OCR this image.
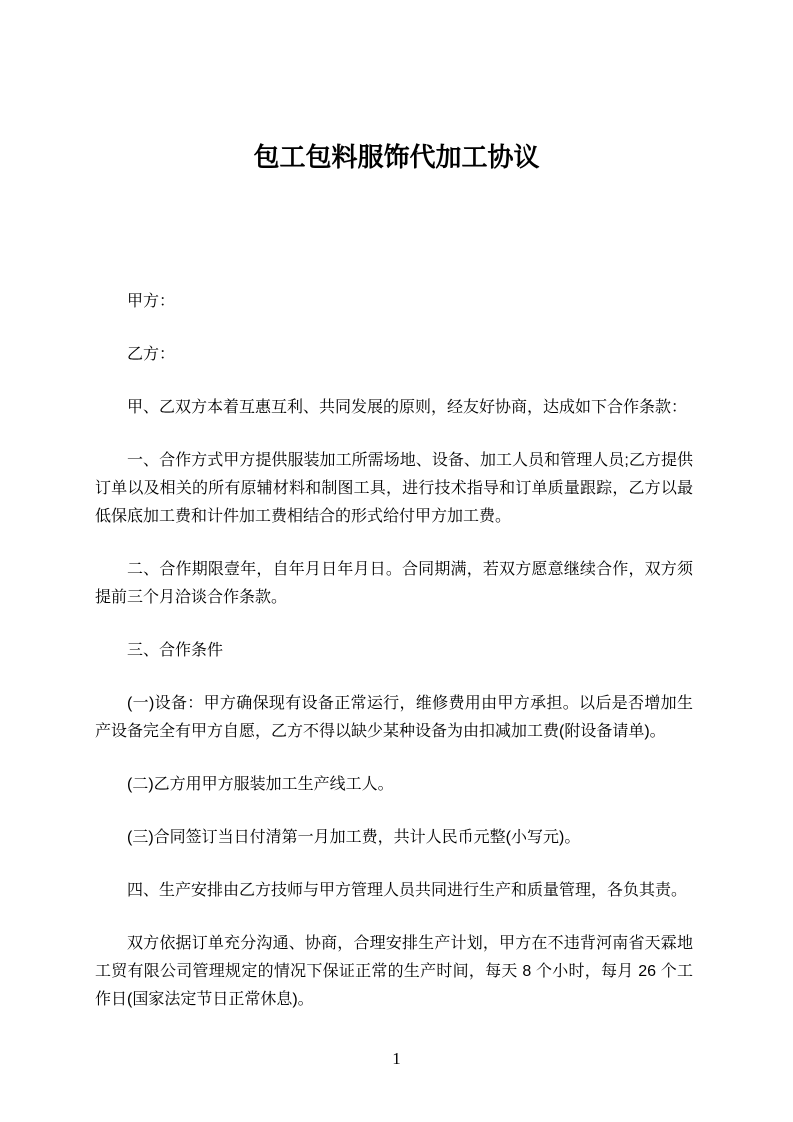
包工包料服饰代加工协议

甲方：

乙方：

甲、乙双方本着互惠互利、共同发展的原则，经友好协商，达成如下合作条款：

一、合作方式甲方提供服装加工所需场地、设备、加工人员和管理人员;乙方提供订单以及相关的所有原辅材料和制图工具，进行技术指导和订单质量跟踪，乙方以最低保底加工费和计件加工费相结合的形式给付甲方加工费。

二、合作期限壹年，自年月日年月日。合同期满，若双方愿意继续合作，双方须提前三个月洽谈合作条款。

三、合作条件

(一)设备：甲方确保现有设备正常运行，维修费用由甲方承担。以后是否增加生产设备完全有甲方自愿，乙方不得以缺少某种设备为由扣减加工费(附设备请单)。

(二)乙方用甲方服装加工生产线工人。

(三)合同签订当日付清第一月加工费，共计人民币元整(小写元)。

四、生产安排由乙方技师与甲方管理人员共同进行生产和质量管理，各负其责。

双方依据订单充分沟通、协商，合理安排生产计划，甲方在不违背河南省天霖地工贸有限公司管理规定的情况下保证正常的生产时间，每天 8 个小时，每月 26 个工作日(国家法定节日正常休息)。

1
